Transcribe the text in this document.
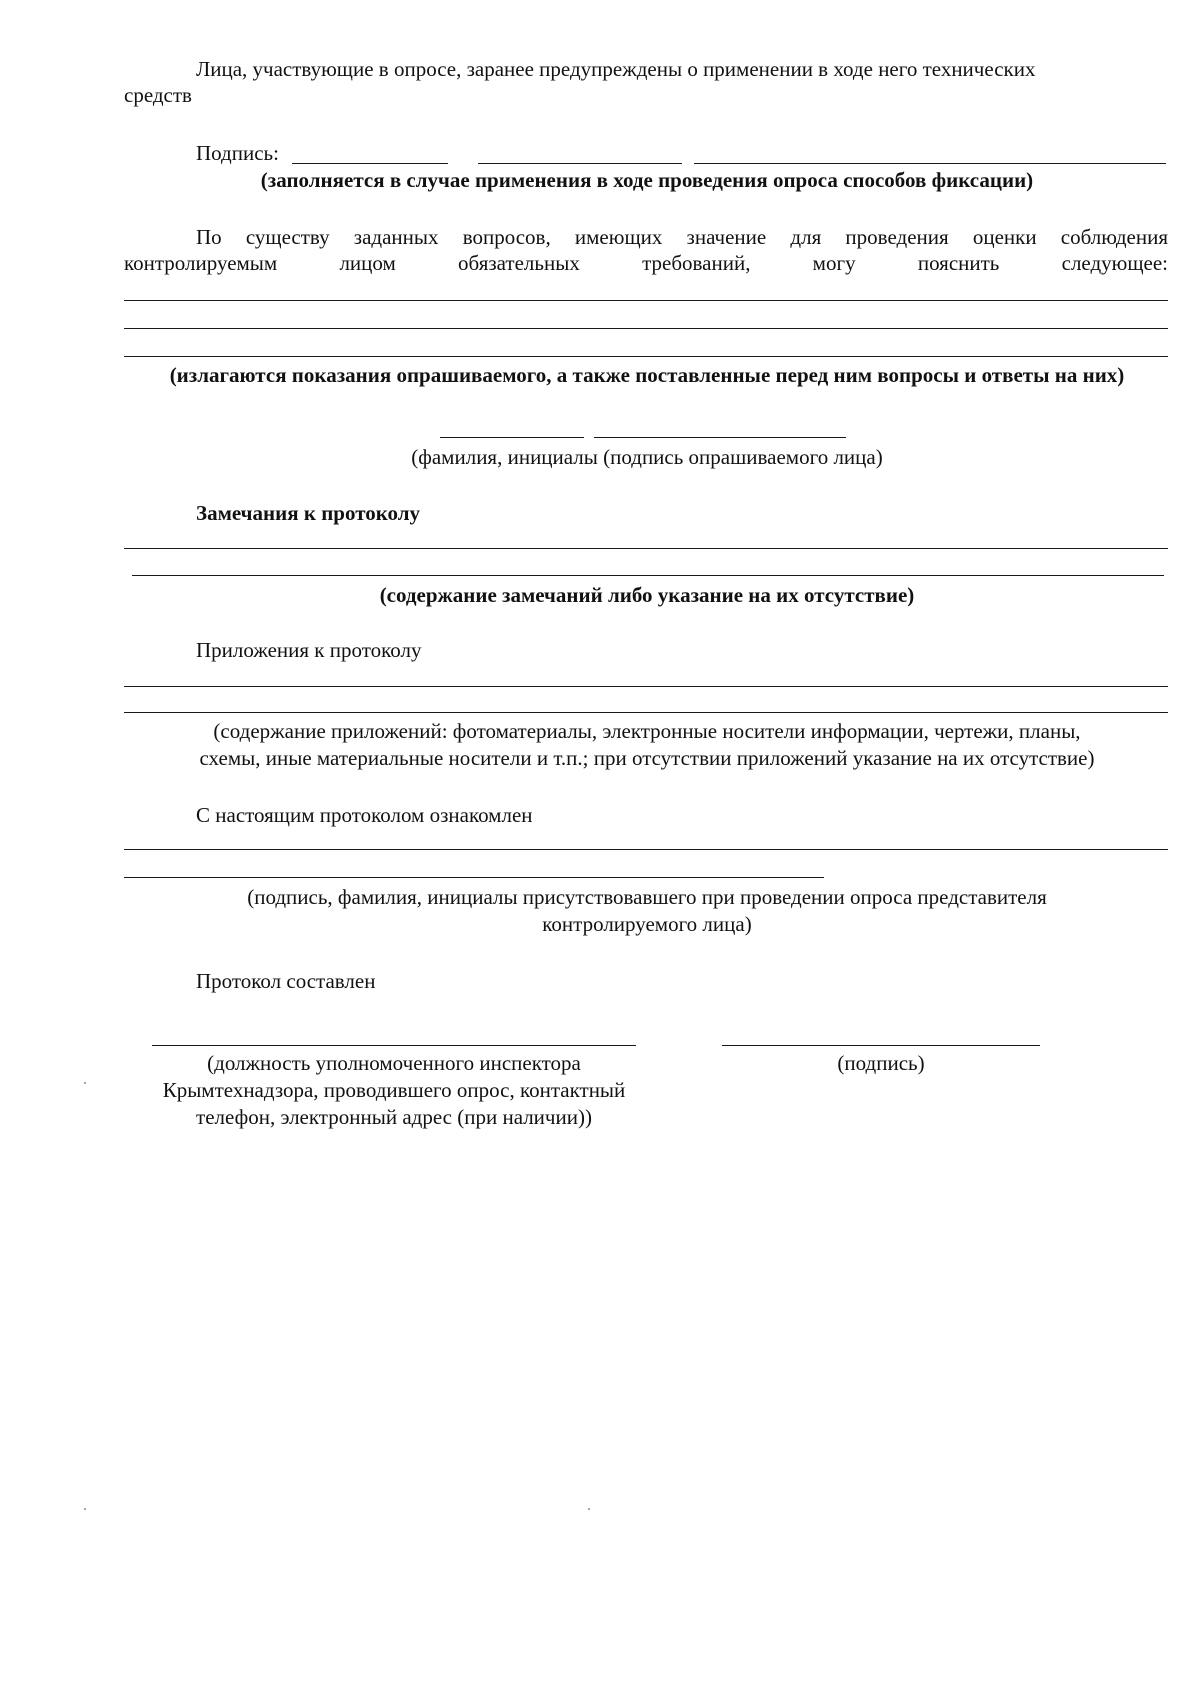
Лица, участвующие в опросе, заранее предупреждены о применении в ходе него технических
средств
Подпись:
(заполняется в случае применения в ходе проведения опроса способов фиксации)
По существу заданных вопросов, имеющих значение для проведения оценки соблюдения
контролируемым лицом обязательных требований, могу пояснить следующее:
(излагаются показания опрашиваемого, а также поставленные перед ним вопросы и ответы на них)
(фамилия, инициалы (подпись опрашиваемого лица)
Замечания к протоколу
(содержание замечаний либо указание на их отсутствие)
Приложения к протоколу
(содержание приложений: фотоматериалы, электронные носители информации, чертежи, планы,
схемы, иные материальные носители и т.п.; при отсутствии приложений указание на их отсутствие)
С настоящим протоколом ознакомлен
(подпись, фамилия, инициалы присутствовавшего при проведении опроса представителя
контролируемого лица)
Протокол составлен
(должность уполномоченного инспектора
Крымтехнадзора, проводившего опрос, контактный
телефон, электронный адрес (при наличии))
(подпись)
